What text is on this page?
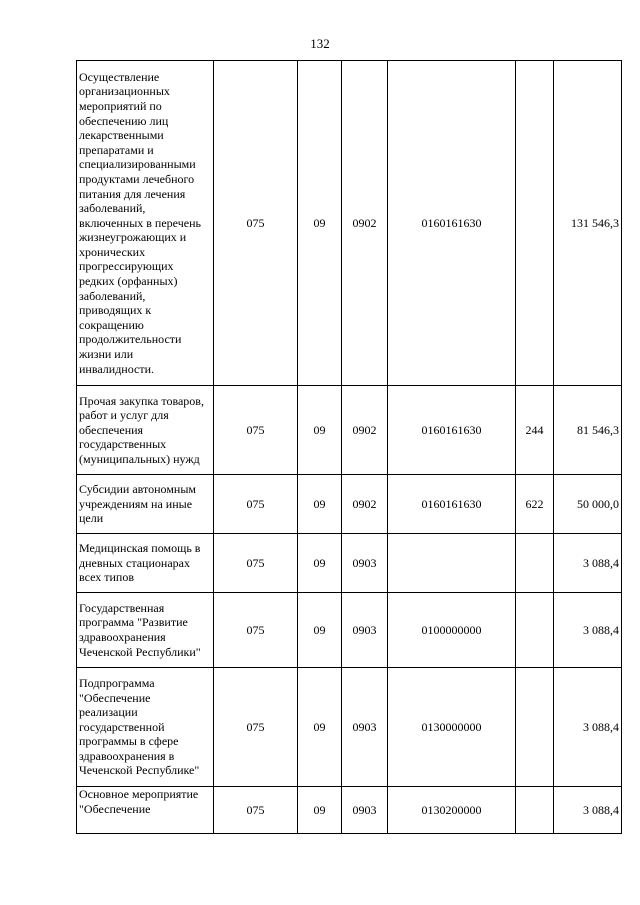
132
Осуществление организационных мероприятий по обеспечению лиц лекарственными препаратами и специализированными продуктами лечебного питания для лечения заболеваний, включенных в перечень жизнеугрожающих и хронических прогрессирующих редких (орфанных) заболеваний, приводящих к сокращению продолжительности жизни или инвалидности.	075	09	0902	0160161630		131 546,3
Прочая закупка товаров, работ и услуг для обеспечения государственных (муниципальных) нужд	075	09	0902	0160161630	244	81 546,3
Субсидии автономным учреждениям на иные цели	075	09	0902	0160161630	622	50 000,0
Медицинская помощь в дневных стационарах всех типов	075	09	0903			3 088,4
Государственная программа "Развитие здравоохранения Чеченской Республики"	075	09	0903	0100000000		3 088,4
Подпрограмма "Обеспечение реализации государственной программы в сфере здравоохранения в Чеченской Республике"	075	09	0903	0130000000		3 088,4
Основное мероприятие "Обеспечение	075	09	0903	0130200000		3 088,4
